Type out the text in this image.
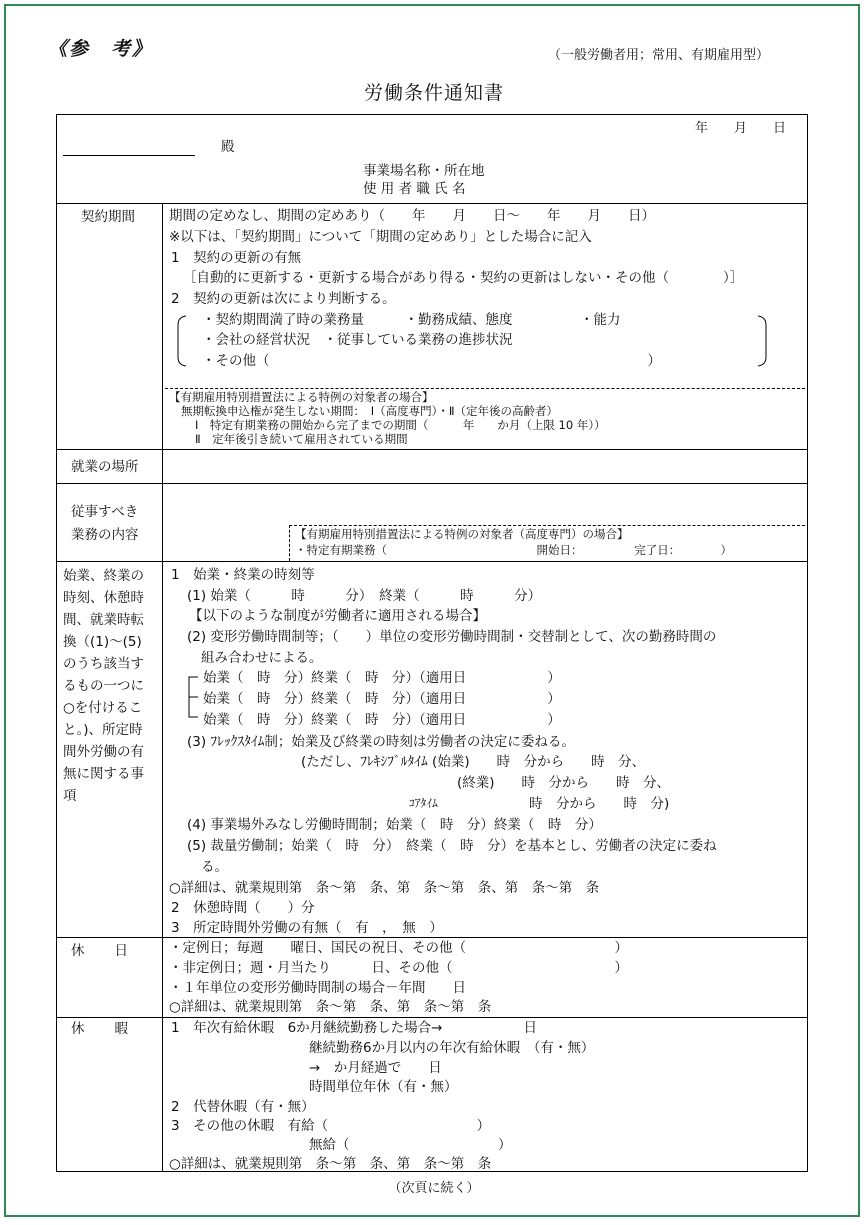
《参　考》	（一般労働者用；常用、有期雇用型）
労働条件通知書
年　　月　　日
殿
事業場名称・所在地
使 用 者 職 氏 名
契約期間	期間の定めなし、期間の定めあり（　　年　　月　　日～　　年　　月　　日）
※以下は、「契約期間」について「期間の定めあり」とした場合に記入
1　契約の更新の有無
［自動的に更新する・更新する場合があり得る・契約の更新はしない・その他（　　　　）］
2　契約の更新は次により判断する。
・契約期間満了時の業務量　　　・勤務成績、態度　　　　　・能力
・会社の経営状況　・従事している業務の進捗状況
・その他（　　　　　　　　　　　　　　　　　　　　　　　　　　　　）
【有期雇用特別措置法による特例の対象者の場合】
無期転換申込権が発生しない期間：　Ⅰ（高度専門）・Ⅱ（定年後の高齢者）
Ⅰ　特定有期業務の開始から完了までの期間（　　　年　　か月（上限 10 年））
Ⅱ　定年後引き続いて雇用されている期間
就業の場所
従事すべき
業務の内容	【有期雇用特別措置法による特例の対象者（高度専門）の場合】
・特定有期業務（　　　　　　　　　　　　　開始日：　　　　　完了日：　　　　）
始業、終業の
時刻、休憩時
間、就業時転
換（(1)～(5)
のうち該当す
るもの一つに
○を付けるこ
と。)、所定時
間外労働の有
無に関する事
項
1　始業・終業の時刻等
(1) 始業（　　　時　　　分）　終業（　　　時　　　分）
【以下のような制度が労働者に適用される場合】
(2) 変形労働時間制等；（　　）単位の変形労働時間制・交替制として、次の勤務時間の
組み合わせによる。
始業（　時　分）終業（　時　分）（適用日　　　　　　）
始業（　時　分）終業（　時　分）（適用日　　　　　　）
始業（　時　分）終業（　時　分）（適用日　　　　　　）
(3) ﾌﾚｯｸｽﾀｲﾑ制；始業及び終業の時刻は労働者の決定に委ねる。
(ただし、ﾌﾚｷｼﾌﾞﾙﾀｲﾑ (始業)　　時　分から　　時　分、
(終業)　　時　分から　　時　分、
ｺｱﾀｲﾑ	時　分から　　時　分)
(4) 事業場外みなし労働時間制；始業（　時　分）終業（　時　分）
(5) 裁量労働制；始業（　時　分）　終業（　時　分）を基本とし、労働者の決定に委ね
る。
○詳細は、就業規則第　条～第　条、第　条～第　条、第　条～第　条
2　休憩時間（　　）分
3　所定時間外労働の有無（　有　，　無　）
休　　日	・定例日；毎週　　曜日、国民の祝日、その他（　　　　　　　　　　　）
・非定例日；週・月当たり　　　日、その他（　　　　　　　　　　　　）
・１年単位の変形労働時間制の場合－年間　　日
○詳細は、就業規則第　条～第　条、第　条～第　条
休　　暇	1　年次有給休暇　6か月継続勤務した場合→　　　　　　日
継続勤務6か月以内の年次有給休暇　（有・無）
→　か月経過で　　日
時間単位年休（有・無）
2　代替休暇（有・無）
3　その他の休暇　有給（　　　　　　　　　　　）
無給（　　　　　　　　　　　）
○詳細は、就業規則第　条～第　条、第　条～第　条
（次頁に続く）
